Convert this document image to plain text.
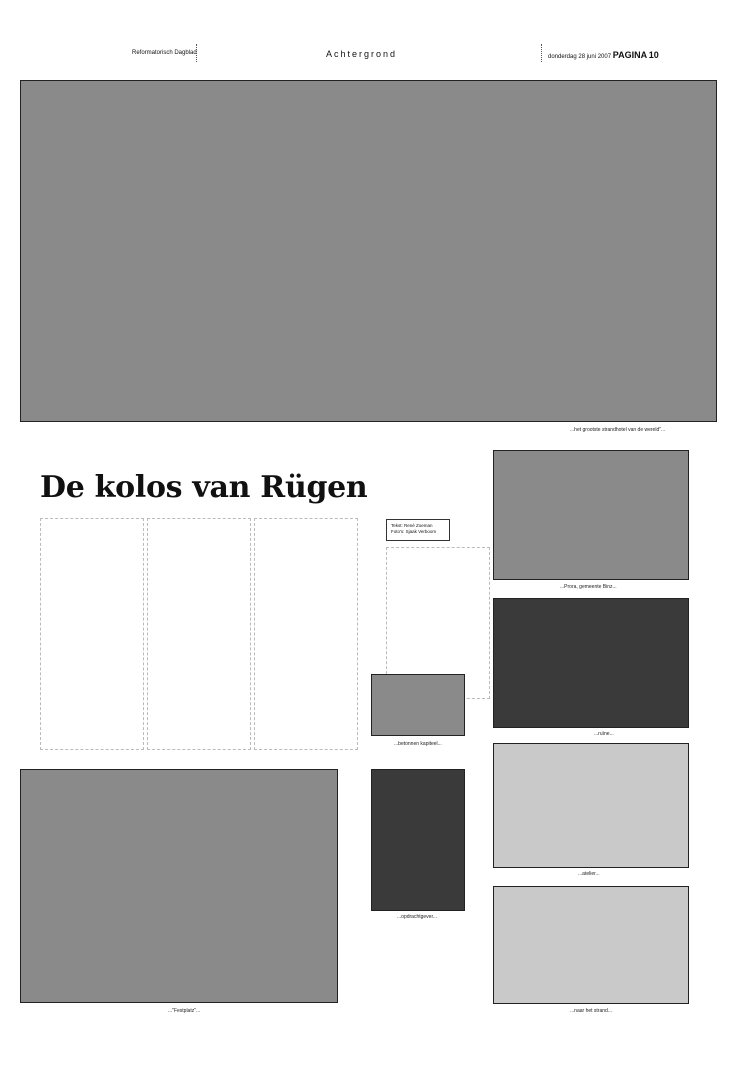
Reformatorisch Dagblad	Achtergrond	donderdag 28 juni 2007 PAGINA 10
...het grootste strandhotel van de wereld"...
De kolos van Rügen
Tekst: René Zoeman
Foto's: Sjaak Verboom
...Prora, gemeente Binz...
...ruïne...
...atelier...
...naar het strand...
...betonnen kapiteel...
...opdrachtgever...
..."Festplatz"...
